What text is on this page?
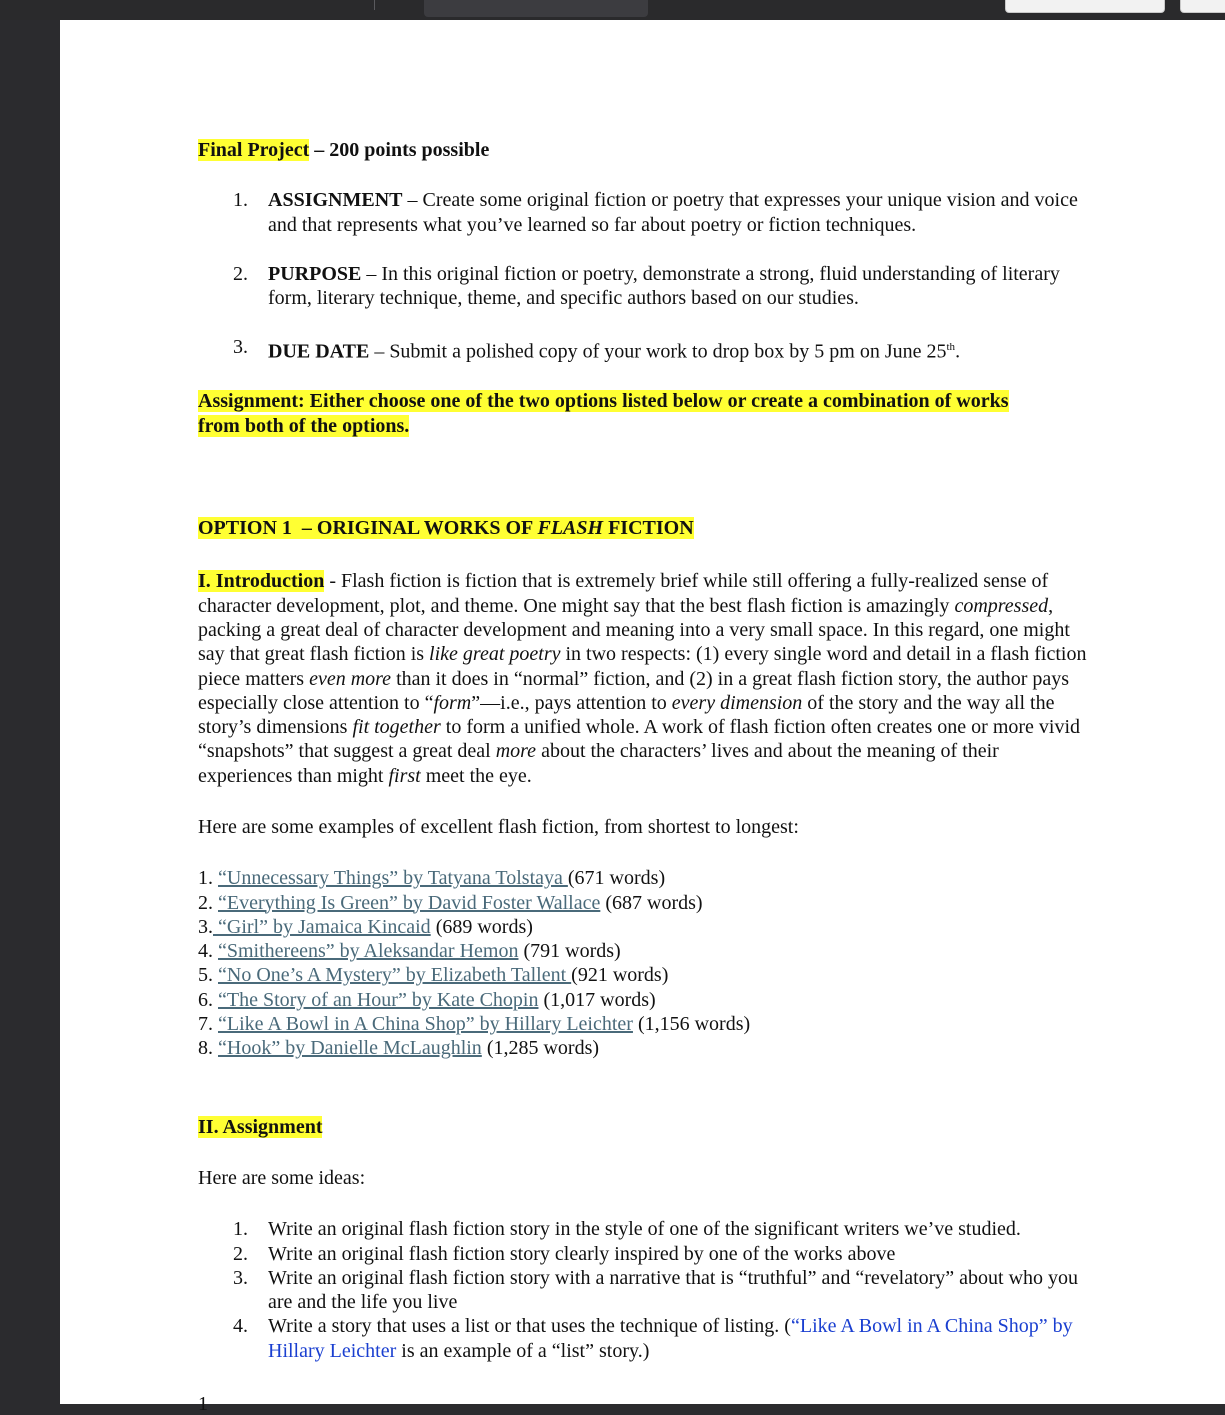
Final Project – 200 points possible

1. ASSIGNMENT – Create some original fiction or poetry that expresses your unique vision and voice and that represents what you’ve learned so far about poetry or fiction techniques.
2. PURPOSE – In this original fiction or poetry, demonstrate a strong, fluid understanding of literary form, literary technique, theme, and specific authors based on our studies.
3. DUE DATE – Submit a polished copy of your work to drop box by 5 pm on June 25th.

Assignment: Either choose one of the two options listed below or create a combination of works
from both of the options.

OPTION 1  – ORIGINAL WORKS OF FLASH FICTION

I. Introduction - Flash fiction is fiction that is extremely brief while still offering a fully-realized sense of character development, plot, and theme. One might say that the best flash fiction is amazingly compressed, packing a great deal of character development and meaning into a very small space. In this regard, one might say that great flash fiction is like great poetry in two respects: (1) every single word and detail in a flash fiction piece matters even more than it does in “normal” fiction, and (2) in a great flash fiction story, the author pays especially close attention to “form”—i.e., pays attention to every dimension of the story and the way all the story’s dimensions fit together to form a unified whole. A work of flash fiction often creates one or more vivid “snapshots” that suggest a great deal more about the characters’ lives and about the meaning of their experiences than might first meet the eye.

Here are some examples of excellent flash fiction, from shortest to longest:

1. “Unnecessary Things” by Tatyana Tolstaya (671 words)
2. “Everything Is Green” by David Foster Wallace (687 words)
3. “Girl” by Jamaica Kincaid (689 words)
4. “Smithereens” by Aleksandar Hemon (791 words)
5. “No One’s A Mystery” by Elizabeth Tallent (921 words)
6. “The Story of an Hour” by Kate Chopin (1,017 words)
7. “Like A Bowl in A China Shop” by Hillary Leichter (1,156 words)
8. “Hook” by Danielle McLaughlin (1,285 words)

II. Assignment

Here are some ideas:

1. Write an original flash fiction story in the style of one of the significant writers we’ve studied.
2. Write an original flash fiction story clearly inspired by one of the works above
3. Write an original flash fiction story with a narrative that is “truthful” and “revelatory” about who you are and the life you live
4. Write a story that uses a list or that uses the technique of listing. (“Like A Bowl in A China Shop” by Hillary Leichter is an example of a “list” story.)
1
